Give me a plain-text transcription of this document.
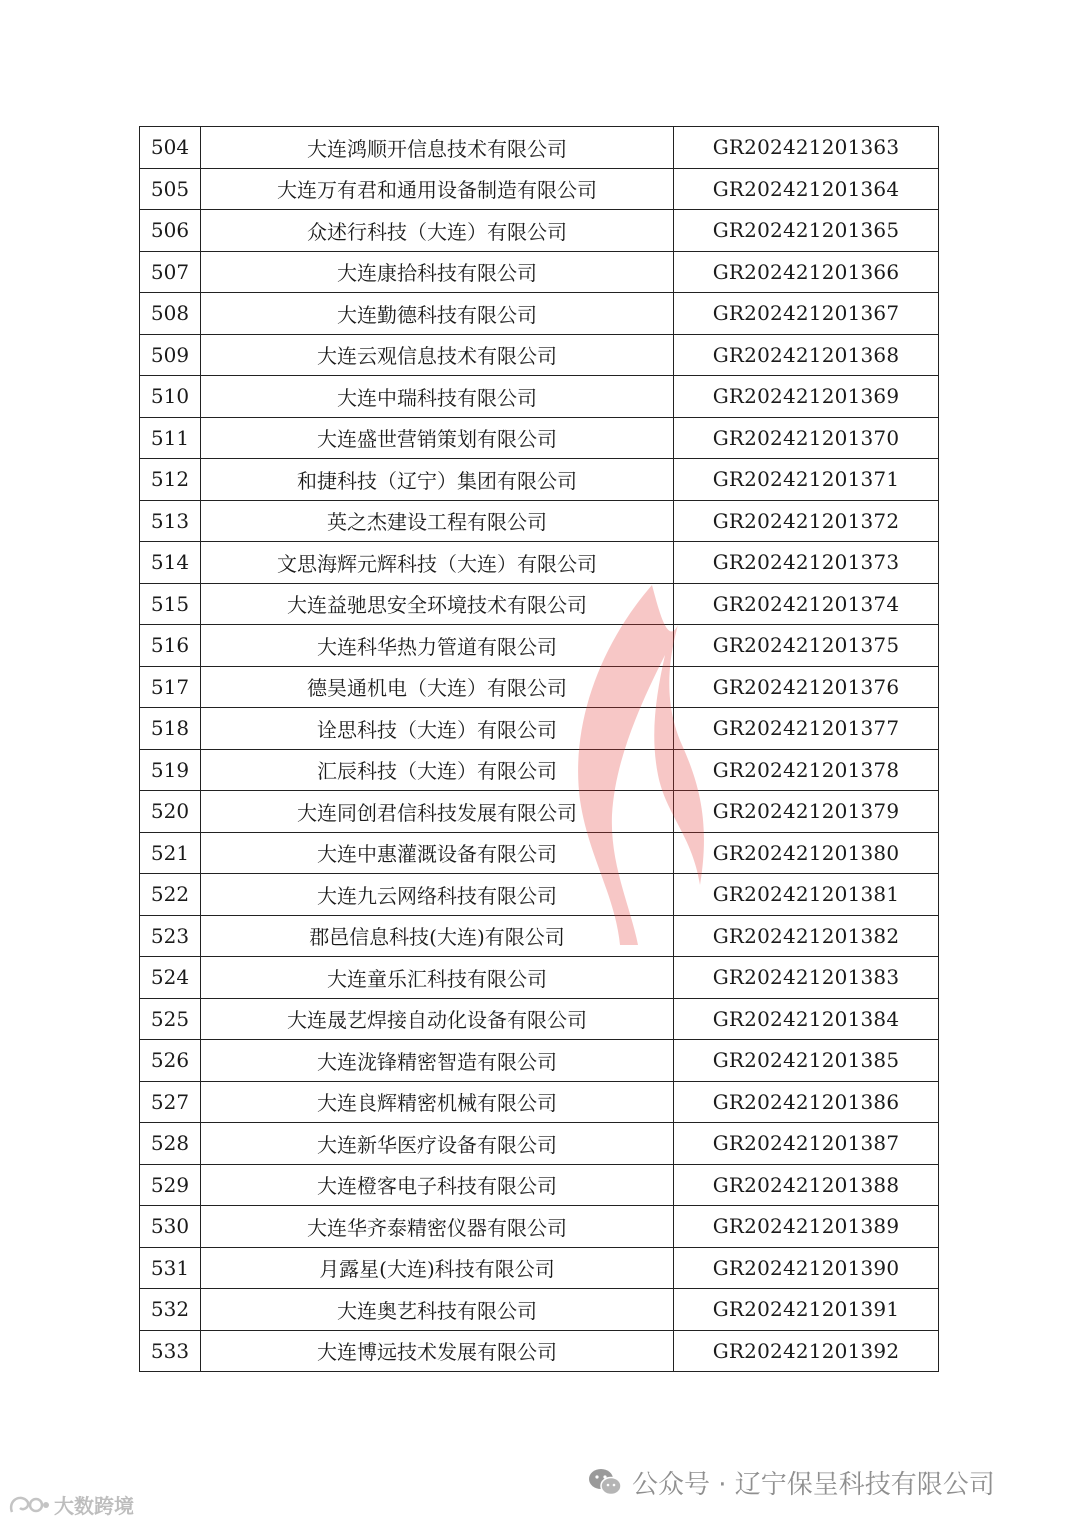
504	大连鸿顺开信息技术有限公司	GR202421201363
505	大连万有君和通用设备制造有限公司	GR202421201364
506	众述行科技（大连）有限公司	GR202421201365
507	大连康拾科技有限公司	GR202421201366
508	大连勤德科技有限公司	GR202421201367
509	大连云观信息技术有限公司	GR202421201368
510	大连中瑞科技有限公司	GR202421201369
511	大连盛世营销策划有限公司	GR202421201370
512	和捷科技（辽宁）集团有限公司	GR202421201371
513	英之杰建设工程有限公司	GR202421201372
514	文思海辉元辉科技（大连）有限公司	GR202421201373
515	大连益驰思安全环境技术有限公司	GR202421201374
516	大连科华热力管道有限公司	GR202421201375
517	德昊通机电（大连）有限公司	GR202421201376
518	诠思科技（大连）有限公司	GR202421201377
519	汇辰科技（大连）有限公司	GR202421201378
520	大连同创君信科技发展有限公司	GR202421201379
521	大连中惠灌溉设备有限公司	GR202421201380
522	大连九云网络科技有限公司	GR202421201381
523	郡邑信息科技(大连)有限公司	GR202421201382
524	大连童乐汇科技有限公司	GR202421201383
525	大连晟艺焊接自动化设备有限公司	GR202421201384
526	大连泷锋精密智造有限公司	GR202421201385
527	大连良辉精密机械有限公司	GR202421201386
528	大连新华医疗设备有限公司	GR202421201387
529	大连橙客电子科技有限公司	GR202421201388
530	大连华齐泰精密仪器有限公司	GR202421201389
531	月露星(大连)科技有限公司	GR202421201390
532	大连奥艺科技有限公司	GR202421201391
533	大连博远技术发展有限公司	GR202421201392
公众号 · 辽宁保呈科技有限公司
大数跨境
